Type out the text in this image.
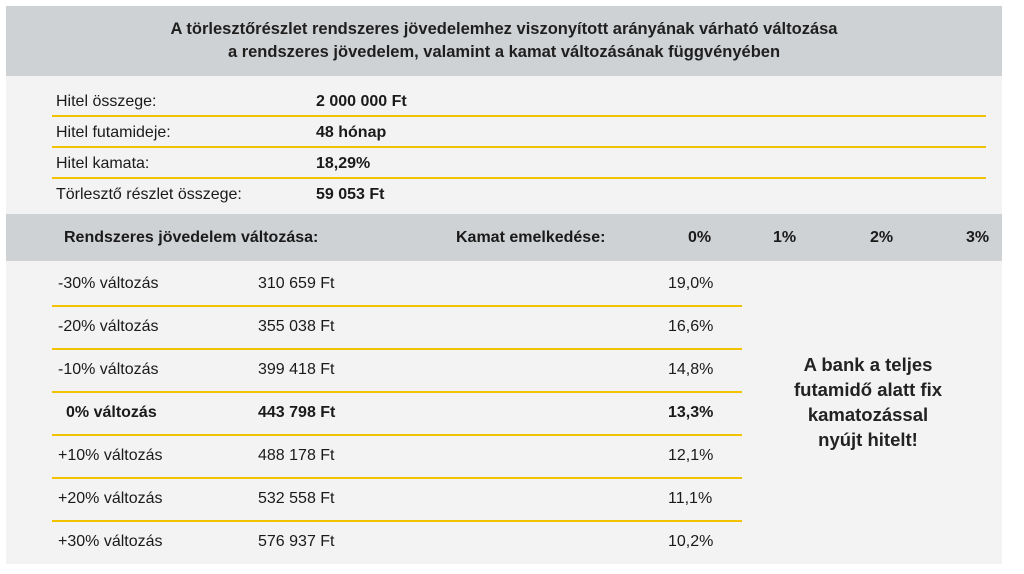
A törlesztőrészlet rendszeres jövedelemhez viszonyított arányának várható változása
a rendszeres jövedelem, valamint a kamat változásának függvényében
Hitel összege:	2 000 000 Ft
Hitel futamideje:	48 hónap
Hitel kamata:	18,29%
Törlesztő részlet összege:	59 053 Ft
Rendszeres jövedelem változása:	Kamat emelkedése:	0%	1%	2%	3%
-30% változás	310 659 Ft	19,0%
-20% változás	355 038 Ft	16,6%
-10% változás	399 418 Ft	14,8%
0% változás	443 798 Ft	13,3%
+10% változás	488 178 Ft	12,1%
+20% változás	532 558 Ft	11,1%
+30% változás	576 937 Ft	10,2%
A bank a teljes
futamidő alatt fix
kamatozással
nyújt hitelt!
